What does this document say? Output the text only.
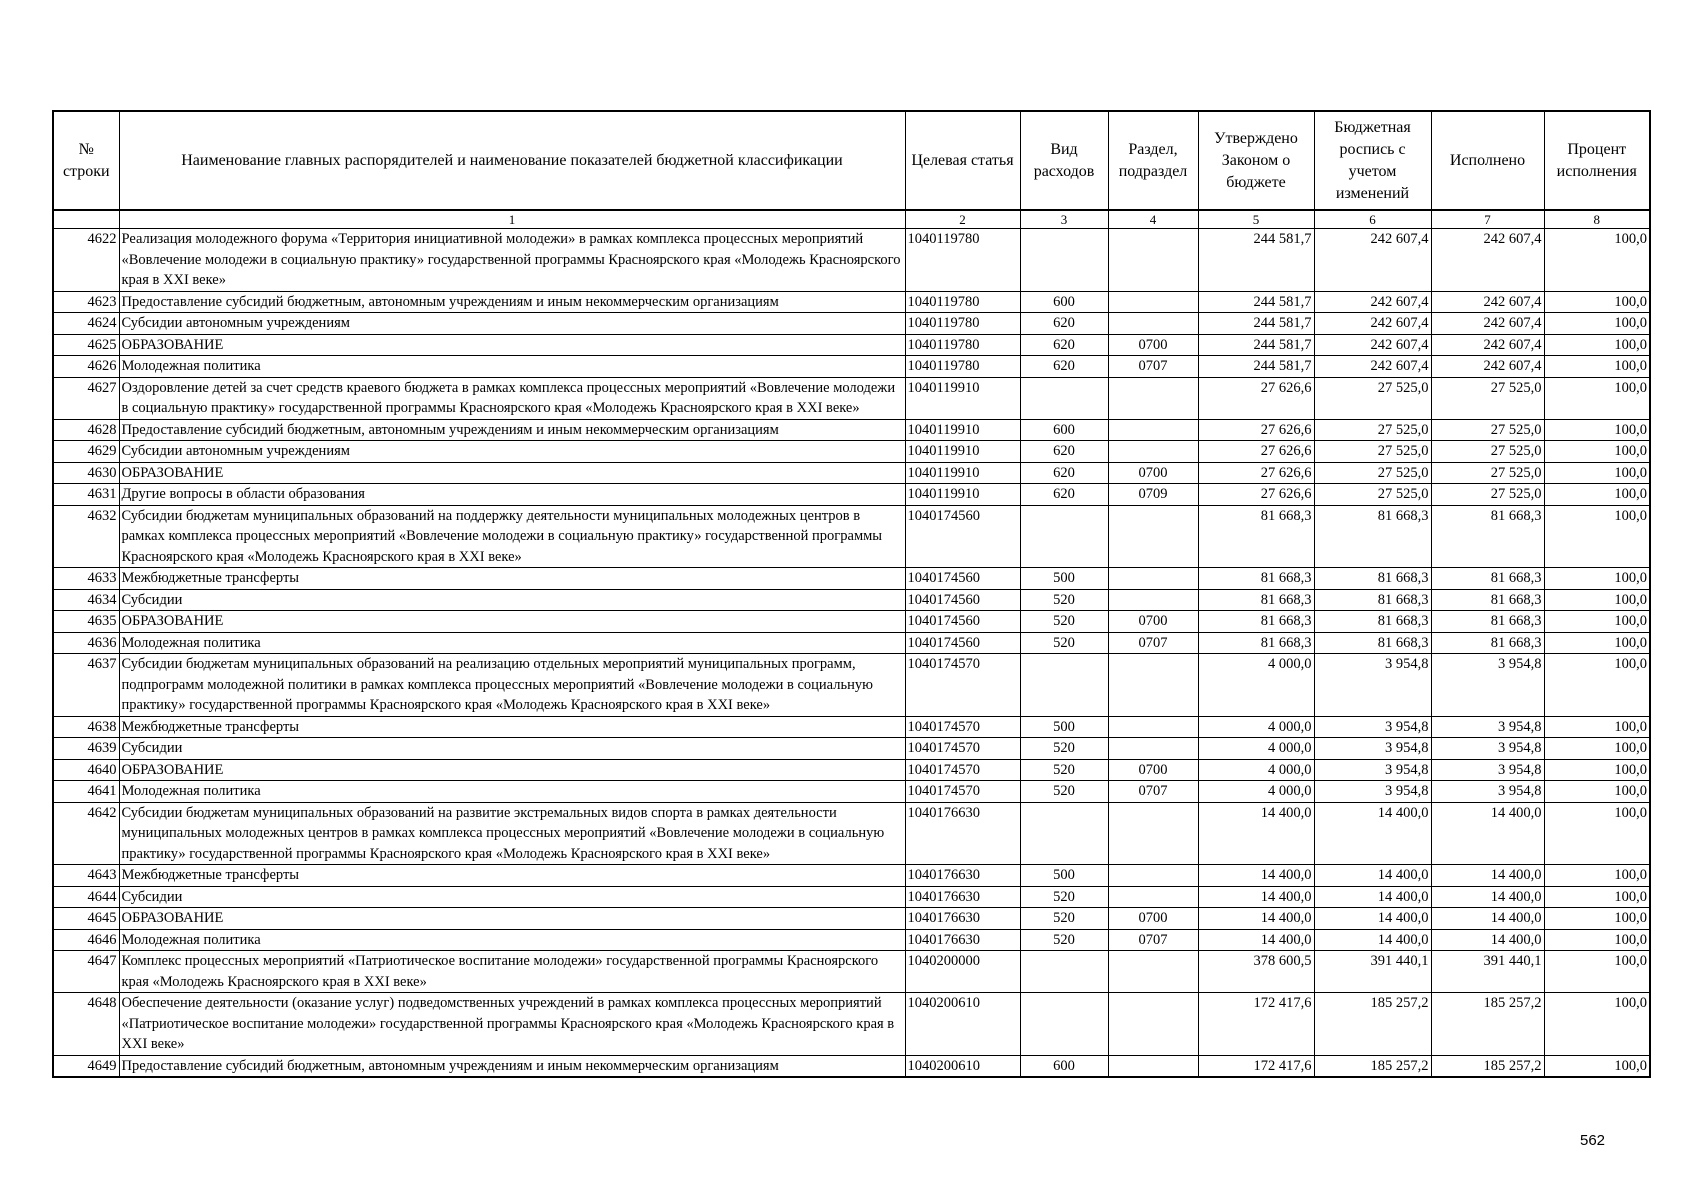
№ строки	Наименование главных распорядителей и наименование показателей бюджетной классификации	Целевая статья	Вид расходов	Раздел, подраздел	Утверждено Законом о бюджете	Бюджетная роспись с учетом изменений	Исполнено	Процент исполнения
	1	2	3	4	5	6	7	8
4622	Реализация молодежного форума «Территория инициативной молодежи» в рамках комплекса процессных мероприятий «Вовлечение молодежи в социальную практику» государственной программы Красноярского края «Молодежь Красноярского края в XXI веке»	1040119780			244 581,7	242 607,4	242 607,4	100,0
4623	Предоставление субсидий бюджетным, автономным учреждениям и иным некоммерческим организациям	1040119780	600		244 581,7	242 607,4	242 607,4	100,0
4624	Субсидии автономным учреждениям	1040119780	620		244 581,7	242 607,4	242 607,4	100,0
4625	ОБРАЗОВАНИЕ	1040119780	620	0700	244 581,7	242 607,4	242 607,4	100,0
4626	Молодежная политика	1040119780	620	0707	244 581,7	242 607,4	242 607,4	100,0
4627	Оздоровление детей за счет средств краевого бюджета в рамках комплекса процессных мероприятий «Вовлечение молодежи в социальную практику» государственной программы Красноярского края «Молодежь Красноярского края в XXI веке»	1040119910			27 626,6	27 525,0	27 525,0	100,0
4628	Предоставление субсидий бюджетным, автономным учреждениям и иным некоммерческим организациям	1040119910	600		27 626,6	27 525,0	27 525,0	100,0
4629	Субсидии автономным учреждениям	1040119910	620		27 626,6	27 525,0	27 525,0	100,0
4630	ОБРАЗОВАНИЕ	1040119910	620	0700	27 626,6	27 525,0	27 525,0	100,0
4631	Другие вопросы в области образования	1040119910	620	0709	27 626,6	27 525,0	27 525,0	100,0
4632	Субсидии бюджетам муниципальных образований на поддержку деятельности муниципальных молодежных центров в рамках комплекса процессных мероприятий «Вовлечение молодежи в социальную практику» государственной программы Красноярского края «Молодежь Красноярского края в XXI веке»	1040174560			81 668,3	81 668,3	81 668,3	100,0
4633	Межбюджетные трансферты	1040174560	500		81 668,3	81 668,3	81 668,3	100,0
4634	Субсидии	1040174560	520		81 668,3	81 668,3	81 668,3	100,0
4635	ОБРАЗОВАНИЕ	1040174560	520	0700	81 668,3	81 668,3	81 668,3	100,0
4636	Молодежная политика	1040174560	520	0707	81 668,3	81 668,3	81 668,3	100,0
4637	Субсидии бюджетам муниципальных образований на реализацию отдельных мероприятий муниципальных программ, подпрограмм молодежной политики в рамках комплекса процессных мероприятий «Вовлечение молодежи в социальную практику» государственной программы Красноярского края «Молодежь Красноярского края в XXI веке»	1040174570			4 000,0	3 954,8	3 954,8	100,0
4638	Межбюджетные трансферты	1040174570	500		4 000,0	3 954,8	3 954,8	100,0
4639	Субсидии	1040174570	520		4 000,0	3 954,8	3 954,8	100,0
4640	ОБРАЗОВАНИЕ	1040174570	520	0700	4 000,0	3 954,8	3 954,8	100,0
4641	Молодежная политика	1040174570	520	0707	4 000,0	3 954,8	3 954,8	100,0
4642	Субсидии бюджетам муниципальных образований на развитие экстремальных видов спорта в рамках деятельности муниципальных молодежных центров в рамках комплекса процессных мероприятий «Вовлечение молодежи в социальную практику» государственной программы Красноярского края «Молодежь Красноярского края в XXI веке»	1040176630			14 400,0	14 400,0	14 400,0	100,0
4643	Межбюджетные трансферты	1040176630	500		14 400,0	14 400,0	14 400,0	100,0
4644	Субсидии	1040176630	520		14 400,0	14 400,0	14 400,0	100,0
4645	ОБРАЗОВАНИЕ	1040176630	520	0700	14 400,0	14 400,0	14 400,0	100,0
4646	Молодежная политика	1040176630	520	0707	14 400,0	14 400,0	14 400,0	100,0
4647	Комплекс процессных мероприятий «Патриотическое воспитание молодежи» государственной программы Красноярского края «Молодежь Красноярского края в XXI веке»	1040200000			378 600,5	391 440,1	391 440,1	100,0
4648	Обеспечение деятельности (оказание услуг) подведомственных учреждений в рамках комплекса процессных мероприятий «Патриотическое воспитание молодежи» государственной программы Красноярского края «Молодежь Красноярского края в XXI веке»	1040200610			172 417,6	185 257,2	185 257,2	100,0
4649	Предоставление субсидий бюджетным, автономным учреждениям и иным некоммерческим организациям	1040200610	600		172 417,6	185 257,2	185 257,2	100,0
562
